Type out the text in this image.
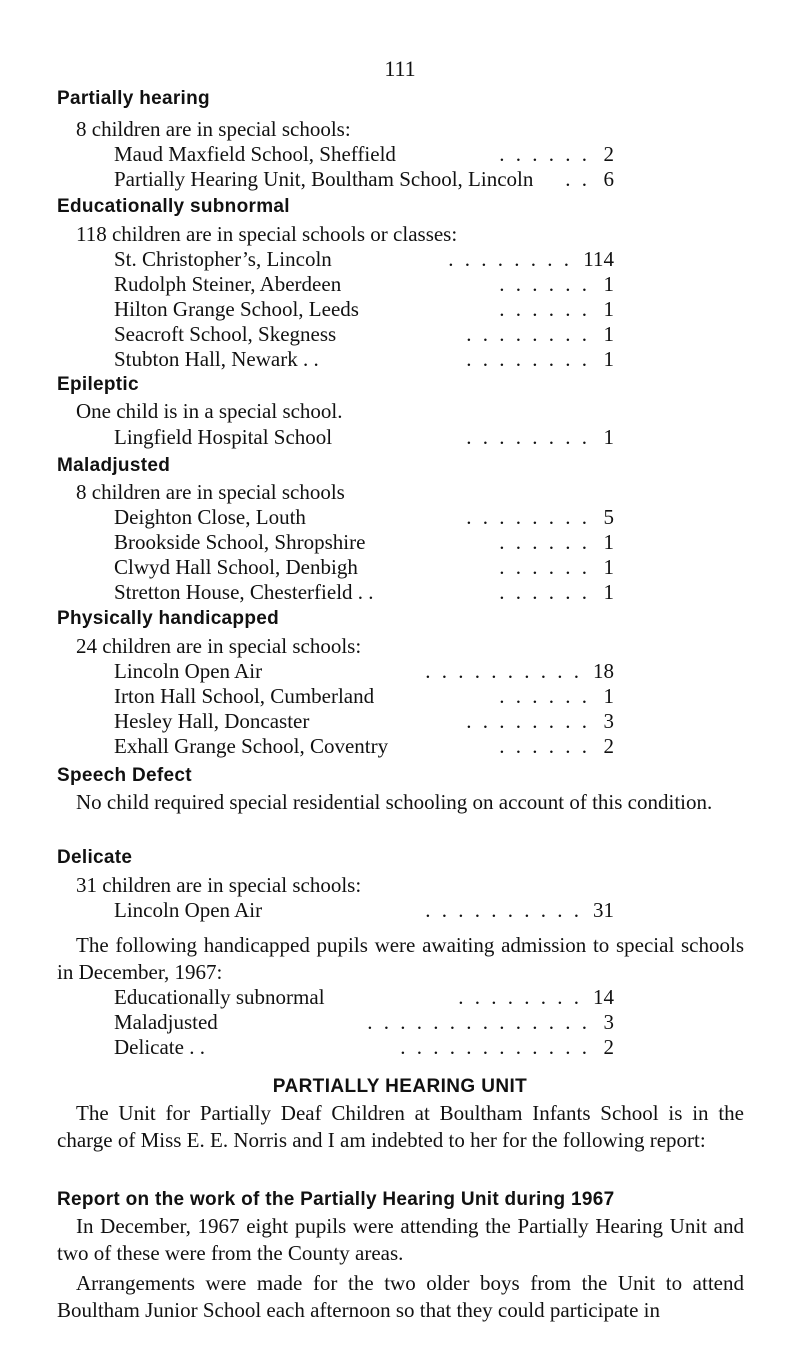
111
Partially hearing
8 children are in special schools:
Maud Maxfield School, Sheffield	. . . . . . 2
Partially Hearing Unit, Boultham School, Lincoln . . 6
Educationally subnormal
118 children are in special schools or classes:
St. Christopher’s, Lincoln	. . . . . . . . 114
Rudolph Steiner, Aberdeen	. . . . . . 1
Hilton Grange School, Leeds	. . . . . . 1
Seacroft School, Skegness	. . . . . . . . 1
Stubton Hall, Newark . .	. . . . . . . . 1
Epileptic
One child is in a special school.
Lingfield Hospital School	. . . . . . . . 1
Maladjusted
8 children are in special schools
Deighton Close, Louth	. . . . . . . . 5
Brookside School, Shropshire	. . . . . . 1
Clwyd Hall School, Denbigh	. . . . . . 1
Stretton House, Chesterfield . .	. . . . . . 1
Physically handicapped
24 children are in special schools:
Lincoln Open Air	. . . . . . . . . . 18
Irton Hall School, Cumberland	. . . . . . 1
Hesley Hall, Doncaster	. . . . . . . . 3
Exhall Grange School, Coventry	. . . . . . 2
Speech Defect
No child required special residential schooling on account of this condition.
Delicate
31 children are in special schools:
Lincoln Open Air	. . . . . . . . . . 31
The following handicapped pupils were awaiting admission to special schools in December, 1967:
Educationally subnormal	. . . . . . . . 14
Maladjusted	. . . . . . . . . . . . . . 3
Delicate . .	. . . . . . . . . . . . 2
PARTIALLY HEARING UNIT
The Unit for Partially Deaf Children at Boultham Infants School is in the charge of Miss E. E. Norris and I am indebted to her for the following report:
Report on the work of the Partially Hearing Unit during 1967
In December, 1967 eight pupils were attending the Partially Hearing Unit and two of these were from the County areas.
Arrangements were made for the two older boys from the Unit to attend Boultham Junior School each afternoon so that they could participate in
